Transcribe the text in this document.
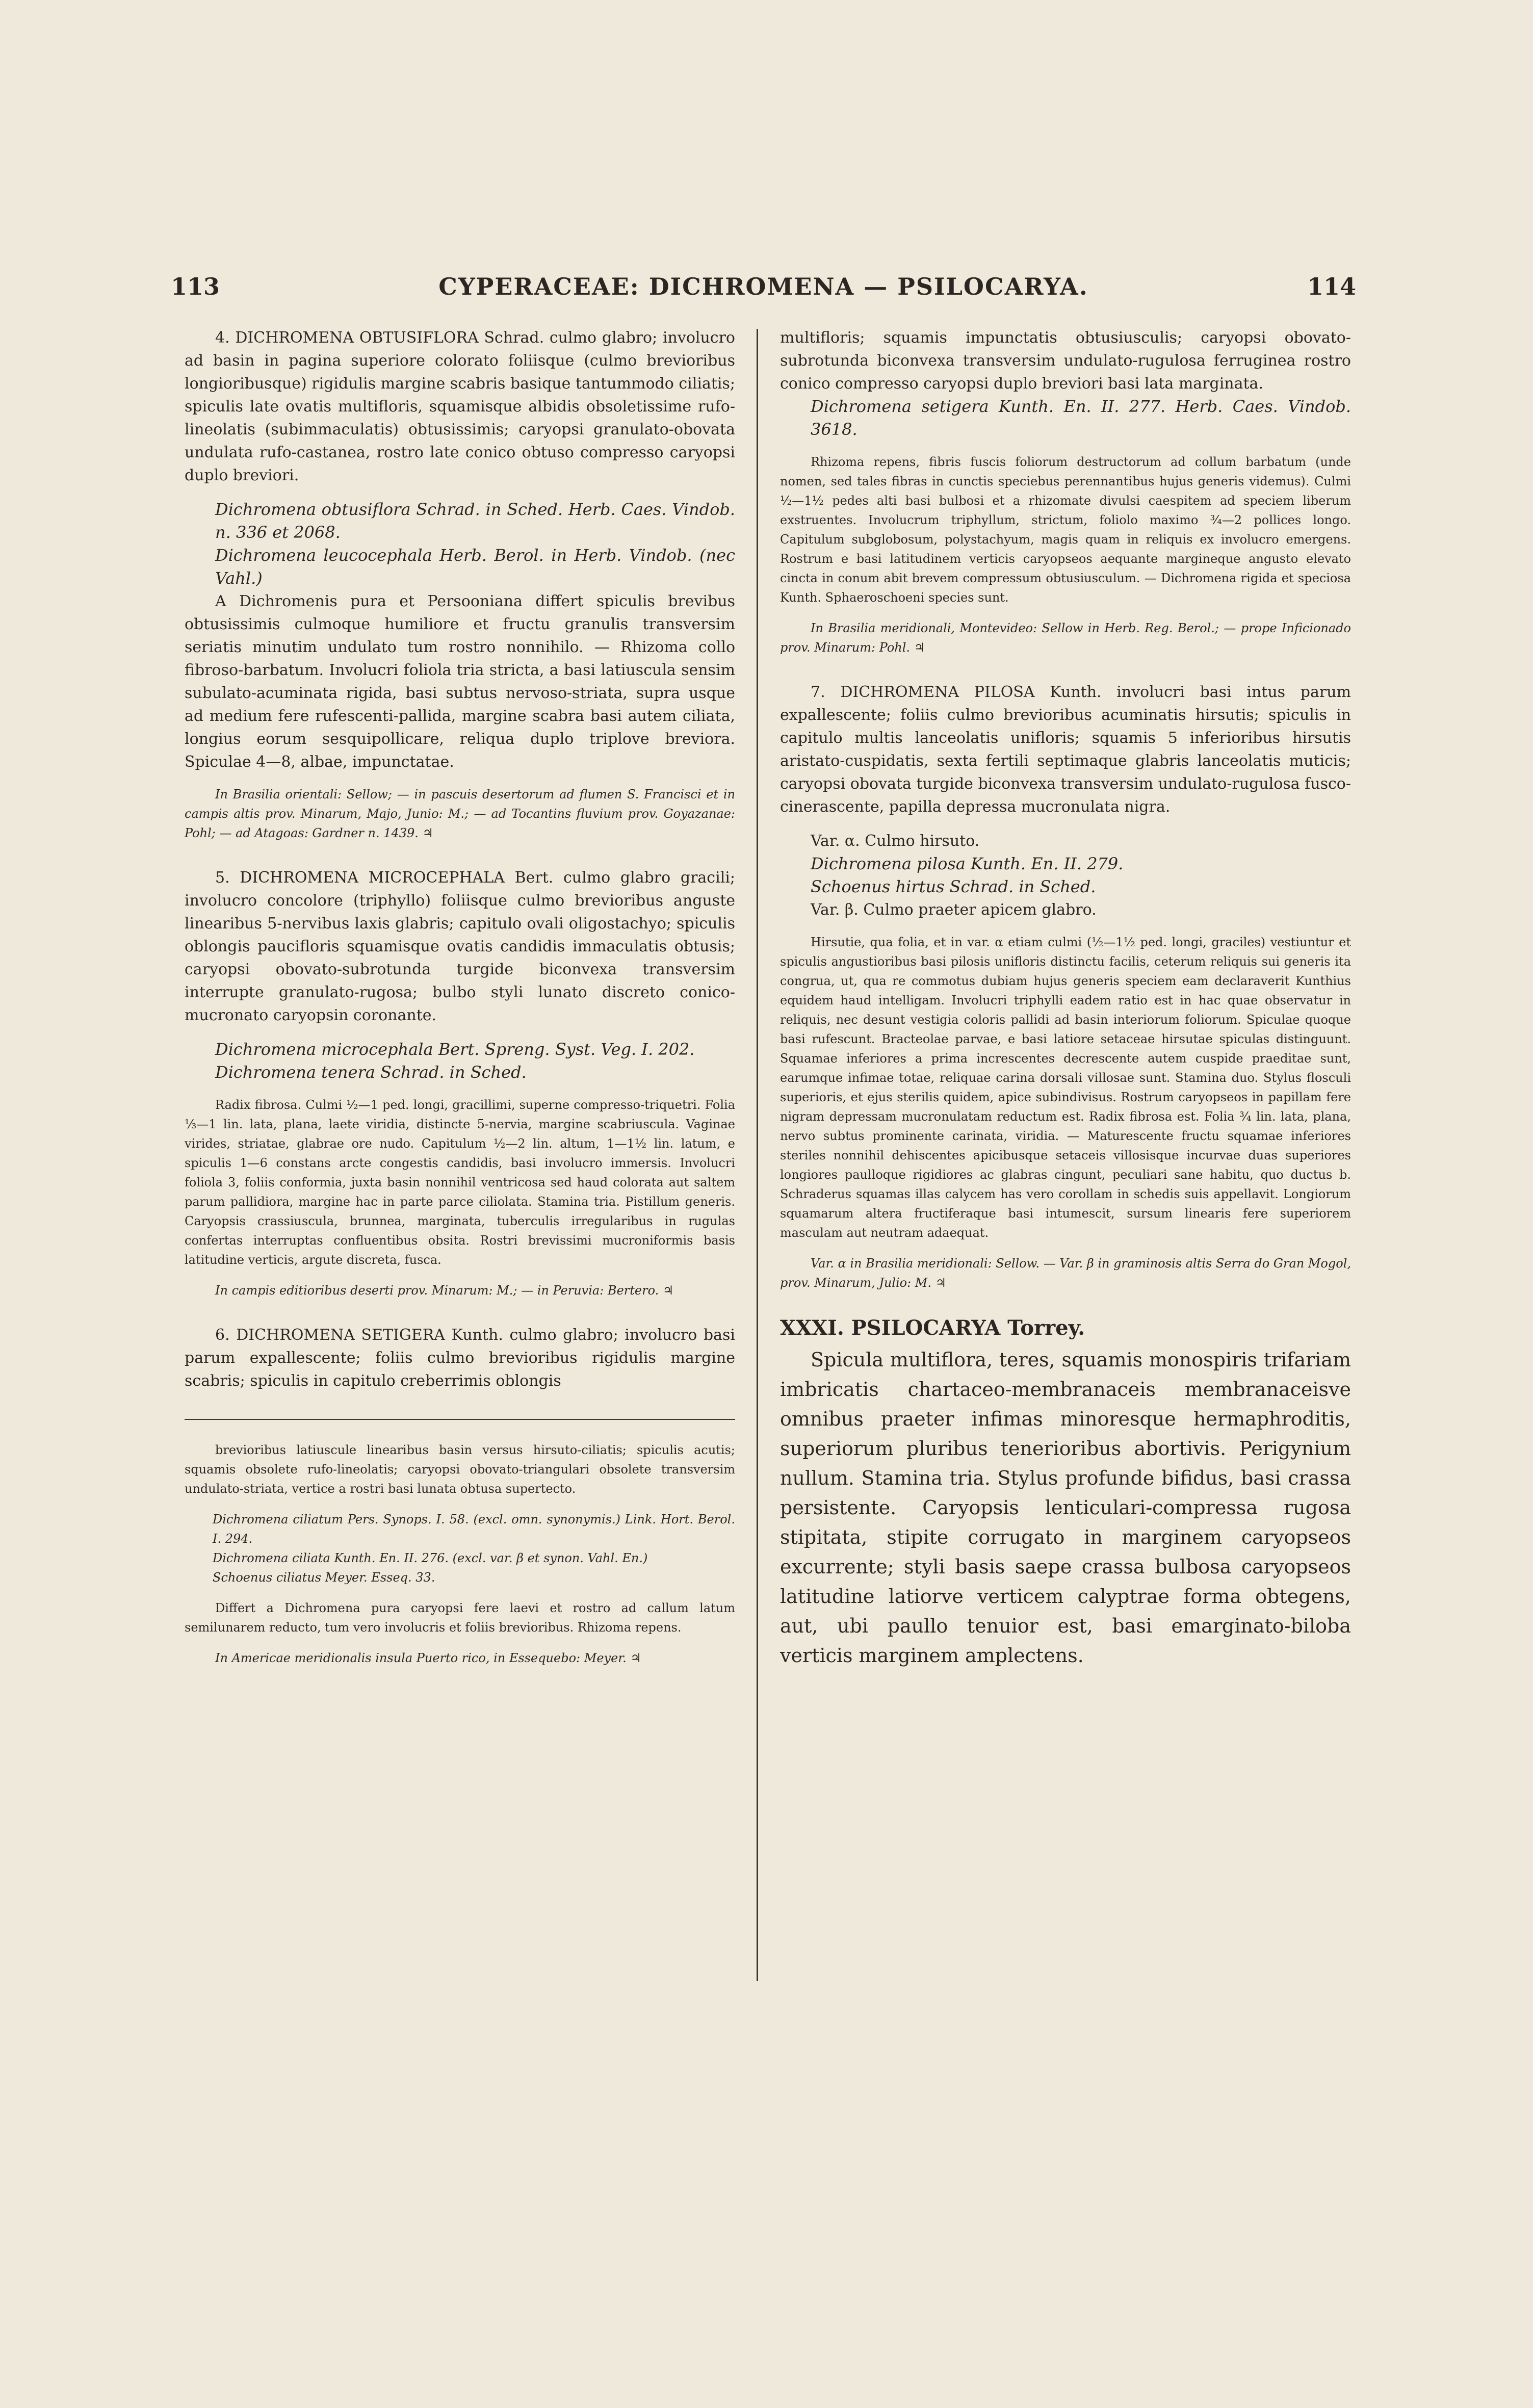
113	CYPERACEAE: DICHROMENA — PSILOCARYA.	114

4. DICHROMENA OBTUSIFLORA Schrad. culmo glabro; involucro ad basin in pagina superiore colorato foliisque (culmo brevioribus longioribusque) rigidulis margine scabris basique tantummodo ciliatis; spiculis late ovatis multifloris, squamisque albidis obsoletissime rufo-lineolatis (subimmaculatis) obtusissimis; caryopsi granulato-obovata undulata rufo-castanea, rostro late conico obtuso compresso caryopsi duplo breviori.

Dichromena obtusiflora Schrad. in Sched. Herb. Caes. Vindob. n. 336 et 2068.

Dichromena leucocephala Herb. Berol. in Herb. Vindob. (nec Vahl.)

A Dichromenis pura et Persooniana differt spiculis brevibus obtusissimis culmoque humiliore et fructu granulis transversim seriatis minutim undulato tum rostro nonnihilo. — Rhizoma collo fibroso-barbatum. Involucri foliola tria stricta, a basi latiuscula sensim subulato-acuminata rigida, basi subtus nervoso-striata, supra usque ad medium fere rufescenti-pallida, margine scabra basi autem ciliata, longius eorum sesquipollicare, reliqua duplo triplove breviora. Spiculae 4—8, albae, impunctatae.

In Brasilia orientali: Sellow; — in pascuis desertorum ad flumen S. Francisci et in campis altis prov. Minarum, Majo, Junio: M.; — ad Tocantins fluvium prov. Goyazanae: Pohl; — ad Atagoas: Gardner n. 1439. ♃

5. DICHROMENA MICROCEPHALA Bert. culmo glabro gracili; involucro concolore (triphyllo) foliisque culmo brevioribus anguste linearibus 5-nervibus laxis glabris; capitulo ovali oligostachyo; spiculis oblongis paucifloris squamisque ovatis candidis immaculatis obtusis; caryopsi obovato-subrotunda turgide biconvexa transversim interrupte granulato-rugosa; bulbo styli lunato discreto conico-mucronato caryopsin coronante.

Dichromena microcephala Bert. Spreng. Syst. Veg. I. 202.

Dichromena tenera Schrad. in Sched.

Radix fibrosa. Culmi ½—1 ped. longi, gracillimi, superne compresso-triquetri. Folia ⅓—1 lin. lata, plana, laete viridia, distincte 5-nervia, margine scabriuscula. Vaginae virides, striatae, glabrae ore nudo. Capitulum ½—2 lin. altum, 1—1½ lin. latum, e spiculis 1—6 constans arcte congestis candidis, basi involucro immersis. Involucri foliola 3, foliis conformia, juxta basin nonnihil ventricosa sed haud colorata aut saltem parum pallidiora, margine hac in parte parce ciliolata. Stamina tria. Pistillum generis. Caryopsis crassiuscula, brunnea, marginata, tuberculis irregularibus in rugulas confertas interruptas confluentibus obsita. Rostri brevissimi mucroniformis basis latitudine verticis, argute discreta, fusca.

In campis editioribus deserti prov. Minarum: M.; — in Peruvia: Bertero. ♃

6. DICHROMENA SETIGERA Kunth. culmo glabro; involucro basi parum expallescente; foliis culmo brevioribus rigidulis margine scabris; spiculis in capitulo creberrimis oblongis

brevioribus latiuscule linearibus basin versus hirsuto-ciliatis; spiculis acutis; squamis obsolete rufo-lineolatis; caryopsi obovato-triangulari obsolete transversim undulato-striata, vertice a rostri basi lunata obtusa supertecto.

Dichromena ciliatum Pers. Synops. I. 58. (excl. omn. synonymis.) Link. Hort. Berol. I. 294.

Dichromena ciliata Kunth. En. II. 276. (excl. var. β et synon. Vahl. En.)

Schoenus ciliatus Meyer. Esseq. 33.

Differt a Dichromena pura caryopsi fere laevi et rostro ad callum latum semilunarem reducto, tum vero involucris et foliis brevioribus. Rhizoma repens.

In Americae meridionalis insula Puerto rico, in Essequebo: Meyer. ♃

multifloris; squamis impunctatis obtusiusculis; caryopsi obovato-subrotunda biconvexa transversim undulato-rugulosa ferruginea rostro conico compresso caryopsi duplo breviori basi lata marginata.

Dichromena setigera Kunth. En. II. 277. Herb. Caes. Vindob. 3618.

Rhizoma repens, fibris fuscis foliorum destructorum ad collum barbatum (unde nomen, sed tales fibras in cunctis speciebus perennantibus hujus generis videmus). Culmi ½—1½ pedes alti basi bulbosi et a rhizomate divulsi caespitem ad speciem liberum exstruentes. Involucrum triphyllum, strictum, foliolo maximo ¾—2 pollices longo. Capitulum subglobosum, polystachyum, magis quam in reliquis ex involucro emergens. Rostrum e basi latitudinem verticis caryopseos aequante margineque angusto elevato cincta in conum abit brevem compressum obtusiusculum. — Dichromena rigida et speciosa Kunth. Sphaeroschoeni species sunt.

In Brasilia meridionali, Montevideo: Sellow in Herb. Reg. Berol.; — prope Inficionado prov. Minarum: Pohl. ♃

7. DICHROMENA PILOSA Kunth. involucri basi intus parum expallescente; foliis culmo brevioribus acuminatis hirsutis; spiculis in capitulo multis lanceolatis unifloris; squamis 5 inferioribus hirsutis aristato-cuspidatis, sexta fertili septimaque glabris lanceolatis muticis; caryopsi obovata turgide biconvexa transversim undulato-rugulosa fusco-cinerascente, papilla depressa mucronulata nigra.

Var. α. Culmo hirsuto.

Dichromena pilosa Kunth. En. II. 279.

Schoenus hirtus Schrad. in Sched.

Var. β. Culmo praeter apicem glabro.

Hirsutie, qua folia, et in var. α etiam culmi (½—1½ ped. longi, graciles) vestiuntur et spiculis angustioribus basi pilosis unifloris distinctu facilis, ceterum reliquis sui generis ita congrua, ut, qua re commotus dubiam hujus generis speciem eam declaraverit Kunthius equidem haud intelligam. Involucri triphylli eadem ratio est in hac quae observatur in reliquis, nec desunt vestigia coloris pallidi ad basin interiorum foliorum. Spiculae quoque basi rufescunt. Bracteolae parvae, e basi latiore setaceae hirsutae spiculas distinguunt. Squamae inferiores a prima increscentes decrescente autem cuspide praeditae sunt, earumque infimae totae, reliquae carina dorsali villosae sunt. Stamina duo. Stylus flosculi superioris, et ejus sterilis quidem, apice subindivisus. Rostrum caryopseos in papillam fere nigram depressam mucronulatam reductum est. Radix fibrosa est. Folia ¾ lin. lata, plana, nervo subtus prominente carinata, viridia. — Maturescente fructu squamae inferiores steriles nonnihil dehiscentes apicibusque setaceis villosisque incurvae duas superiores longiores paulloque rigidiores ac glabras cingunt, peculiari sane habitu, quo ductus b. Schraderus squamas illas calycem has vero corollam in schedis suis appellavit. Longiorum squamarum altera fructiferaque basi intumescit, sursum linearis fere superiorem masculam aut neutram adaequat.

Var. α in Brasilia meridionali: Sellow. — Var. β in graminosis altis Serra do Gran Mogol, prov. Minarum, Julio: M. ♃

XXXI. PSILOCARYA Torrey.

Spicula multiflora, teres, squamis monospiris trifariam imbricatis chartaceo-membranaceis membranaceisve omnibus praeter infimas minoresque hermaphroditis, superiorum pluribus tenerioribus abortivis. Perigynium nullum. Stamina tria. Stylus profunde bifidus, basi crassa persistente. Caryopsis lenticulari-compressa rugosa stipitata, stipite corrugato in marginem caryopseos excurrente; styli basis saepe crassa bulbosa caryopseos latitudine latiorve verticem calyptrae forma obtegens, aut, ubi paullo tenuior est, basi emarginato-biloba verticis marginem amplectens.
